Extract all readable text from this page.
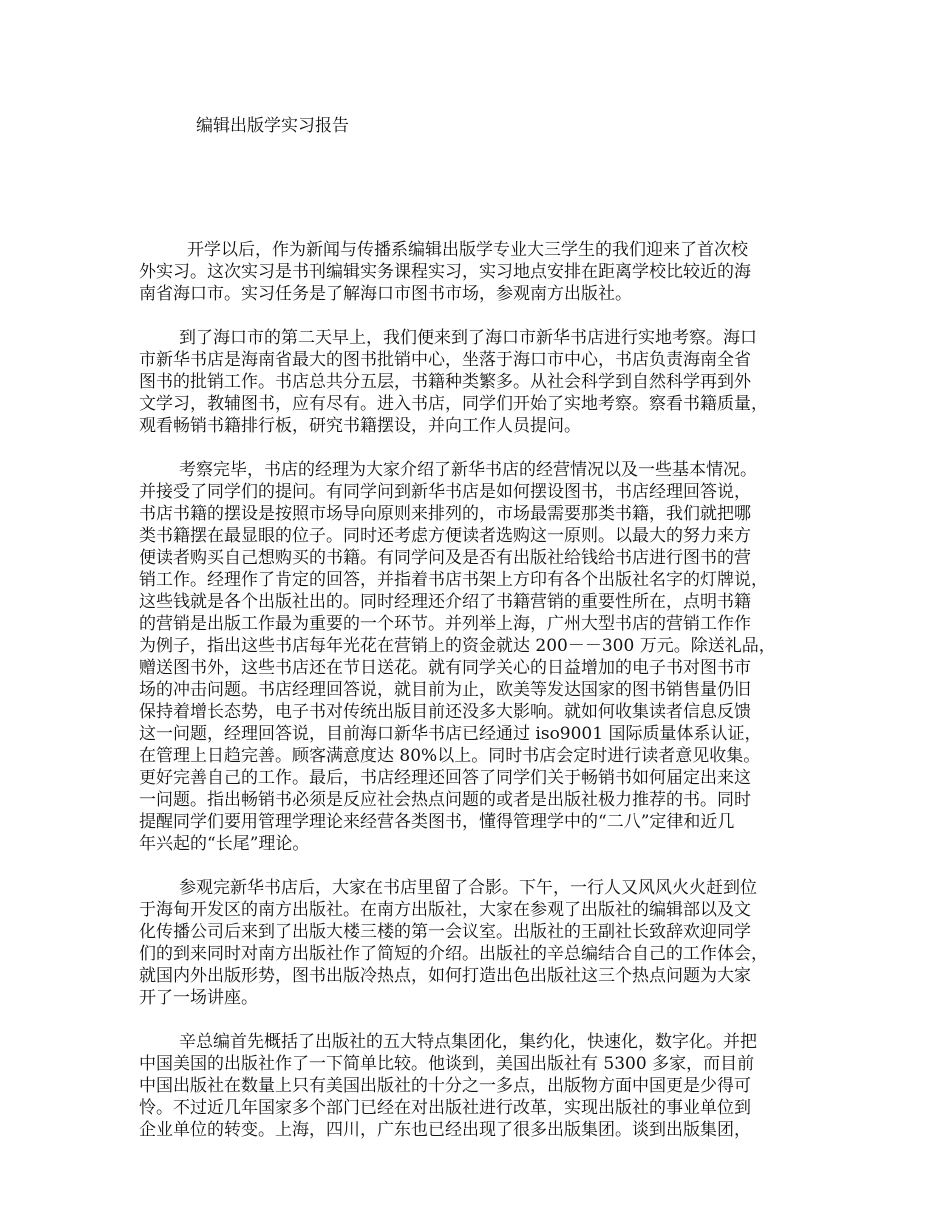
编辑出版学实习报告
开学以后，作为新闻与传播系编辑出版学专业大三学生的我们迎来了首次校
外实习。这次实习是书刊编辑实务课程实习，实习地点安排在距离学校比较近的海
南省海口市。实习任务是了解海口市图书市场，参观南方出版社。
到了海口市的第二天早上，我们便来到了海口市新华书店进行实地考察。海口
市新华书店是海南省最大的图书批销中心，坐落于海口市中心，书店负责海南全省
图书的批销工作。书店总共分五层，书籍种类繁多。从社会科学到自然科学再到外
文学习，教辅图书，应有尽有。进入书店，同学们开始了实地考察。察看书籍质量，
观看畅销书籍排行板，研究书籍摆设，并向工作人员提问。
考察完毕，书店的经理为大家介绍了新华书店的经营情况以及一些基本情况。
并接受了同学们的提问。有同学问到新华书店是如何摆设图书，书店经理回答说，
书店书籍的摆设是按照市场导向原则来排列的，市场最需要那类书籍，我们就把哪
类书籍摆在最显眼的位子。同时还考虑方便读者选购这一原则。以最大的努力来方
便读者购买自己想购买的书籍。有同学问及是否有出版社给钱给书店进行图书的营
销工作。经理作了肯定的回答，并指着书店书架上方印有各个出版社名字的灯牌说，
这些钱就是各个出版社出的。同时经理还介绍了书籍营销的重要性所在，点明书籍
的营销是出版工作最为重要的一个环节。并列举上海，广州大型书店的营销工作作
为例子，指出这些书店每年光花在营销上的资金就达 200－－300 万元。除送礼品，
赠送图书外，这些书店还在节日送花。就有同学关心的日益增加的电子书对图书市
场的冲击问题。书店经理回答说，就目前为止，欧美等发达国家的图书销售量仍旧
保持着增长态势，电子书对传统出版目前还没多大影响。就如何收集读者信息反馈
这一问题，经理回答说，目前海口新华书店已经通过 iso9001 国际质量体系认证，
在管理上日趋完善。顾客满意度达 80%以上。同时书店会定时进行读者意见收集。
更好完善自己的工作。最后，书店经理还回答了同学们关于畅销书如何届定出来这
一问题。指出畅销书必须是反应社会热点问题的或者是出版社极力推荐的书。同时
提醒同学们要用管理学理论来经营各类图书，懂得管理学中的“二八”定律和近几
年兴起的“长尾”理论。
参观完新华书店后，大家在书店里留了合影。下午，一行人又风风火火赶到位
于海甸开发区的南方出版社。在南方出版社，大家在参观了出版社的编辑部以及文
化传播公司后来到了出版大楼三楼的第一会议室。出版社的王副社长致辞欢迎同学
们的到来同时对南方出版社作了简短的介绍。出版社的辛总编结合自己的工作体会，
就国内外出版形势，图书出版冷热点，如何打造出色出版社这三个热点问题为大家
开了一场讲座。
辛总编首先概括了出版社的五大特点集团化，集约化，快速化，数字化。并把
中国美国的出版社作了一下简单比较。他谈到，美国出版社有 5300 多家，而目前
中国出版社在数量上只有美国出版社的十分之一多点，出版物方面中国更是少得可
怜。不过近几年国家多个部门已经在对出版社进行改革，实现出版社的事业单位到
企业单位的转变。上海，四川，广东也已经出现了很多出版集团。谈到出版集团，
